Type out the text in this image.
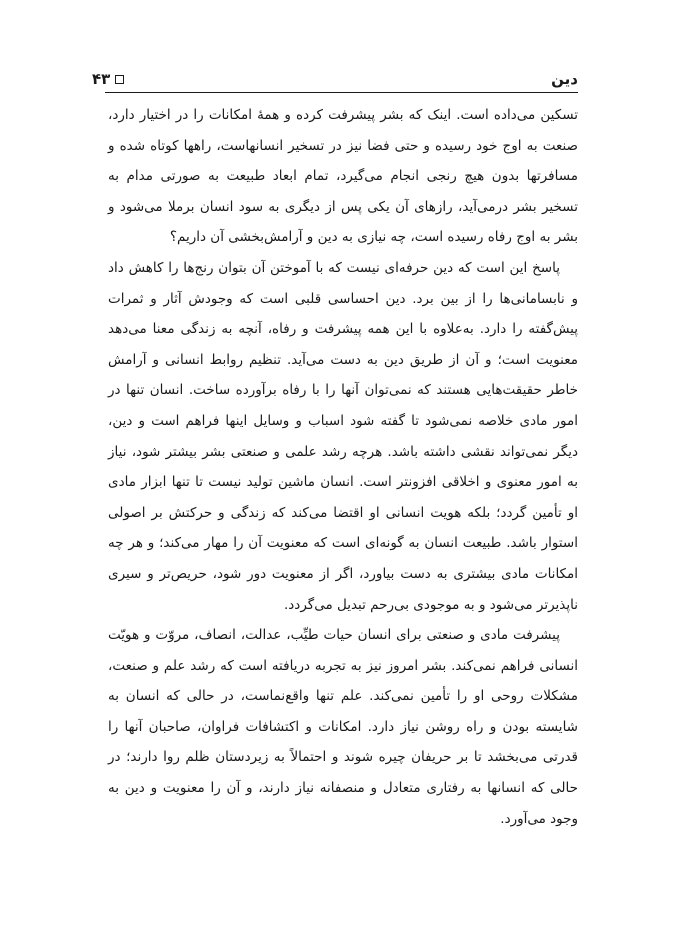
۴۳	دین

تسکین می‌داده است. اینک که بشر پیشرفت کرده و همهٔ امکانات را در اختیار دارد، صنعت به اوج خود رسیده و حتی فضا نیز در تسخیر انسانهاست، راهها کوتاه شده و مسافرتها بدون هیچ رنجی انجام می‌گیرد، تمام ابعاد طبیعت به صورتی مدام به تسخیر بشر درمی‌آید، رازهای آن یکی پس از دیگری به سود انسان برملا می‌شود و بشر به اوج رفاه رسیده است، چه نیازی به دین و آرامش‌بخشی آن داریم؟

پاسخ این است که دین حرفه‌ای نیست که با آموختن آن بتوان رنج‌ها را کاهش داد و نابسامانی‌ها را از بین برد. دین احساسی قلبی است که وجودش آثار و ثمرات پیش‌گفته را دارد. به‌علاوه با این همه پیشرفت و رفاه، آنچه به زندگی معنا می‌دهد معنویت است؛ و آن از طریق دین به دست می‌آید. تنظیم روابط انسانی و آرامش خاطر حقیقت‌هایی هستند که نمی‌توان آنها را با رفاه برآورده ساخت. انسان تنها در امور مادی خلاصه نمی‌شود تا گفته شود اسباب و وسایل اینها فراهم است و دین، دیگر نمی‌تواند نقشی داشته باشد. هرچه رشد علمی و صنعتی بشر بیشتر شود، نیاز به امور معنوی و اخلاقی افزونتر است. انسان ماشین تولید نیست تا تنها ابزار مادی او تأمین گردد؛ بلکه هویت انسانی او اقتضا می‌کند که زندگی و حرکتش بر اصولی استوار باشد. طبیعت انسان به گونه‌ای است که معنویت آن را مهار می‌کند؛ و هر چه امکانات مادی بیشتری به دست بیاورد، اگر از معنویت دور شود، حریص‌تر و سیری ناپذیرتر می‌شود و به موجودی بی‌رحم تبدیل می‌گردد.

پیشرفت مادی و صنعتی برای انسان حیات طیِّب، عدالت، انصاف، مروّت و هویّت انسانی فراهم نمی‌کند. بشر امروز نیز به تجربه دریافته است که رشد علم و صنعت، مشکلات روحی او را تأمین نمی‌کند. علم تنها واقع‌نماست، در حالی که انسان به شایسته بودن و راه روشن نیاز دارد. امکانات و اکتشافات فراوان، صاحبان آنها را قدرتی می‌بخشد تا بر حریفان چیره شوند و احتمالاً به زیردستان ظلم روا دارند؛ در حالی که انسانها به رفتاری متعادل و منصفانه نیاز دارند، و آن را معنویت و دین به وجود می‌آورد.
